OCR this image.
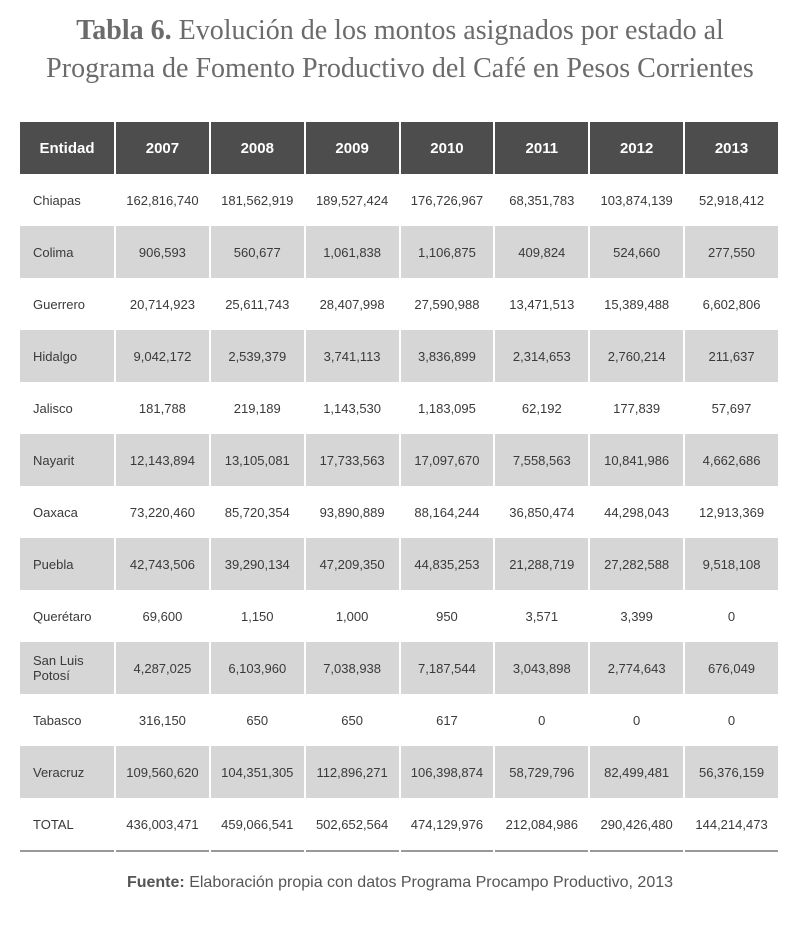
Tabla 6. Evolución de los montos asignados por estado al
Programa de Fomento Productivo del Café en Pesos Corrientes
Entidad	2007	2008	2009	2010	2011	2012	2013
Chiapas	162,816,740	181,562,919	189,527,424	176,726,967	68,351,783	103,874,139	52,918,412
Colima	906,593	560,677	1,061,838	1,106,875	409,824	524,660	277,550
Guerrero	20,714,923	25,611,743	28,407,998	27,590,988	13,471,513	15,389,488	6,602,806
Hidalgo	9,042,172	2,539,379	3,741,113	3,836,899	2,314,653	2,760,214	211,637
Jalisco	181,788	219,189	1,143,530	1,183,095	62,192	177,839	57,697
Nayarit	12,143,894	13,105,081	17,733,563	17,097,670	7,558,563	10,841,986	4,662,686
Oaxaca	73,220,460	85,720,354	93,890,889	88,164,244	36,850,474	44,298,043	12,913,369
Puebla	42,743,506	39,290,134	47,209,350	44,835,253	21,288,719	27,282,588	9,518,108
Querétaro	69,600	1,150	1,000	950	3,571	3,399	0
San Luis Potosí	4,287,025	6,103,960	7,038,938	7,187,544	3,043,898	2,774,643	676,049
Tabasco	316,150	650	650	617	0	0	0
Veracruz	109,560,620	104,351,305	112,896,271	106,398,874	58,729,796	82,499,481	56,376,159
TOTAL	436,003,471	459,066,541	502,652,564	474,129,976	212,084,986	290,426,480	144,214,473
Fuente: Elaboración propia con datos Programa Procampo Productivo, 2013
